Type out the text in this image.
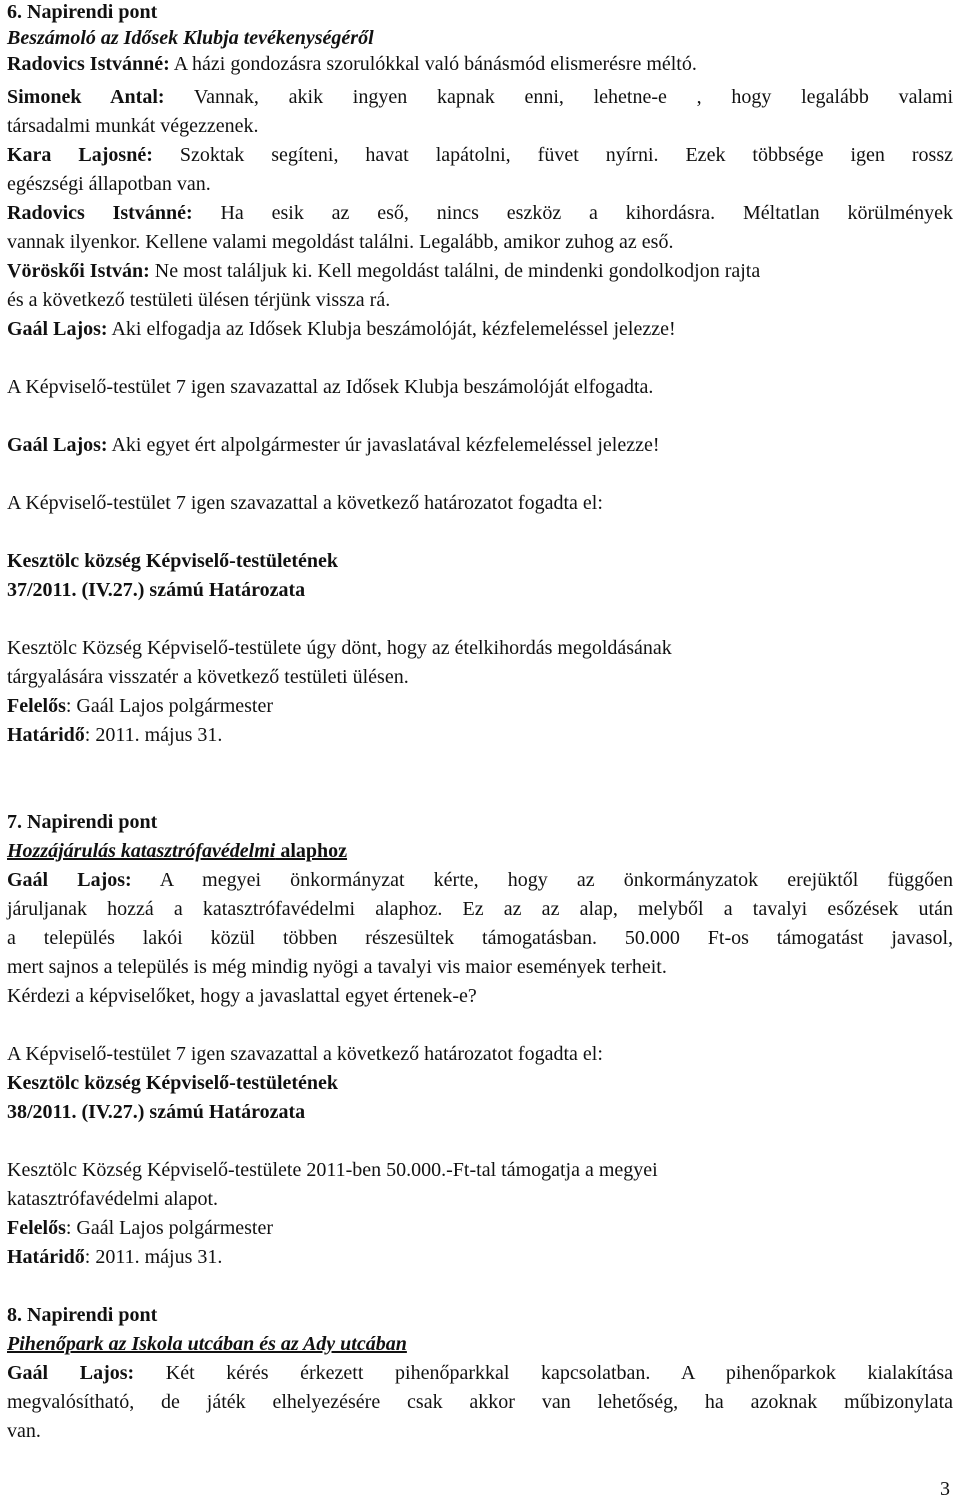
6. Napirendi pont
Beszámoló az Idősek Klubja tevékenységéről
Radovics Istvánné: A házi gondozásra szorulókkal való bánásmód elismerésre méltó.
Simonek Antal: Vannak, akik ingyen kapnak enni, lehetne-e , hogy legalább valami
társadalmi munkát végezzenek.
Kara Lajosné: Szoktak segíteni, havat lapátolni, füvet nyírni. Ezek többsége igen rossz
egészségi állapotban van.
Radovics Istvánné: Ha esik az eső, nincs eszköz a kihordásra. Méltatlan körülmények
vannak ilyenkor. Kellene valami megoldást találni. Legalább, amikor zuhog az eső.
Vöröskői István: Ne most találjuk ki. Kell megoldást találni, de mindenki gondolkodjon rajta
és a következő testületi ülésen térjünk vissza rá.
Gaál Lajos: Aki elfogadja az Idősek Klubja beszámolóját, kézfelemeléssel jelezze!
A Képviselő-testület 7 igen szavazattal az Idősek Klubja beszámolóját elfogadta.
Gaál Lajos: Aki egyet ért alpolgármester úr javaslatával kézfelemeléssel jelezze!
A Képviselő-testület 7 igen szavazattal a következő határozatot fogadta el:
Kesztölc község Képviselő-testületének
37/2011. (IV.27.) számú Határozata
Kesztölc Község Képviselő-testülete úgy dönt, hogy az ételkihordás megoldásának
tárgyalására visszatér a következő testületi ülésen.
Felelős: Gaál Lajos polgármester
Határidő: 2011. május 31.
7. Napirendi pont
Hozzájárulás katasztrófavédelmi alaphoz
Gaál Lajos: A megyei önkormányzat kérte, hogy az önkormányzatok erejüktől függően
járuljanak hozzá a katasztrófavédelmi alaphoz. Ez az az alap, melyből a tavalyi esőzések után
a település lakói közül többen részesültek támogatásban. 50.000 Ft-os támogatást javasol,
mert sajnos a település is még mindig nyögi a tavalyi vis maior események terheit.
Kérdezi a képviselőket, hogy a javaslattal egyet értenek-e?
A Képviselő-testület 7 igen szavazattal a következő határozatot fogadta el:
Kesztölc község Képviselő-testületének
38/2011. (IV.27.) számú Határozata
Kesztölc Község Képviselő-testülete 2011-ben 50.000.-Ft-tal támogatja a megyei
katasztrófavédelmi alapot.
Felelős: Gaál Lajos polgármester
Határidő: 2011. május 31.
8. Napirendi pont
Pihenőpark az Iskola utcában és az Ady utcában
Gaál Lajos: Két kérés érkezett pihenőparkkal kapcsolatban. A pihenőparkok kialakítása
megvalósítható, de játék elhelyezésére csak akkor van lehetőség, ha azoknak műbizonylata
van.
3
